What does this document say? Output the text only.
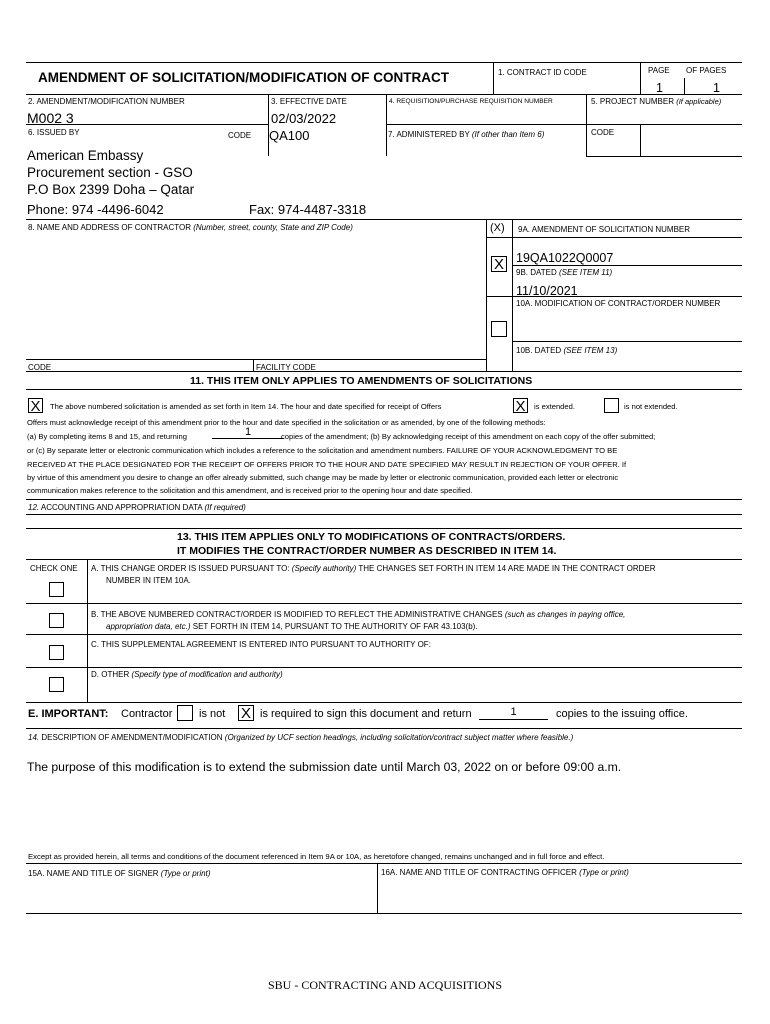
AMENDMENT OF SOLICITATION/MODIFICATION OF CONTRACT	1. CONTRACT ID CODE	PAGE OF PAGES
1	1
2. AMENDMENT/MODIFICATION NUMBER
M002 3
3. EFFECTIVE DATE
02/03/2022
4. REQUISITION/PURCHASE REQUISITION NUMBER	5. PROJECT NUMBER (If applicable)
6. ISSUED BY	CODE QA100	7. ADMINISTERED BY (If other than Item 6)	CODE
American Embassy
Procurement section - GSO
P.O Box 2399 Doha – Qatar
Phone: 974 -4496-6042	Fax: 974-4487-3318
8. NAME AND ADDRESS OF CONTRACTOR (Number, street, county, State and ZIP Code)	(X) 9A. AMENDMENT OF SOLICITATION NUMBER
X 19QA1022Q0007
9B. DATED (SEE ITEM 11)
11/10/2021
10A. MODIFICATION OF CONTRACT/ORDER NUMBER
10B. DATED (SEE ITEM 13)
CODE	FACILITY CODE
11. THIS ITEM ONLY APPLIES TO AMENDMENTS OF SOLICITATIONS
X	The above numbered solicitation is amended as set forth in Item 14. The hour and date specified for receipt of Offers	X	is extended.	is not extended.
Offers must acknowledge receipt of this amendment prior to the hour and date specified in the solicitation or as amended, by one of the following methods:
(a) By completing items 8 and 15, and returning	1	copies of the amendment; (b) By acknowledging receipt of this amendment on each copy of the offer submitted;
or (c) By separate letter or electronic communication which includes a reference to the solicitation and amendment numbers. FAILURE OF YOUR ACKNOWLEDGMENT TO BE
RECEIVED AT THE PLACE DESIGNATED FOR THE RECEIPT OF OFFERS PRIOR TO THE HOUR AND DATE SPECIFIED MAY RESULT IN REJECTION OF YOUR OFFER. If
by virtue of this amendment you desire to change an offer already submitted, such change may be made by letter or electronic communication, provided each letter or electronic
communication makes reference to the solicitation and this amendment, and is received prior to the opening hour and date specified.
12. ACCOUNTING AND APPROPRIATION DATA (If required)
13. THIS ITEM APPLIES ONLY TO MODIFICATIONS OF CONTRACTS/ORDERS.
IT MODIFIES THE CONTRACT/ORDER NUMBER AS DESCRIBED IN ITEM 14.
CHECK ONE A. THIS CHANGE ORDER IS ISSUED PURSUANT TO: (Specify authority) THE CHANGES SET FORTH IN ITEM 14 ARE MADE IN THE CONTRACT ORDER
NUMBER IN ITEM 10A.
B. THE ABOVE NUMBERED CONTRACT/ORDER IS MODIFIED TO REFLECT THE ADMINISTRATIVE CHANGES (such as changes in paying office,
appropriation data, etc.) SET FORTH IN ITEM 14, PURSUANT TO THE AUTHORITY OF FAR 43.103(b).
C. THIS SUPPLEMENTAL AGREEMENT IS ENTERED INTO PURSUANT TO AUTHORITY OF:
D. OTHER (Specify type of modification and authority)
E. IMPORTANT: Contractor is not X is required to sign this document and return	1	copies to the issuing office.
14. DESCRIPTION OF AMENDMENT/MODIFICATION (Organized by UCF section headings, including solicitation/contract subject matter where feasible.)
The purpose of this modification is to extend the submission date until March 03, 2022 on or before 09:00 a.m.
Except as provided herein, all terms and conditions of the document referenced in Item 9A or 10A, as heretofore changed, remains unchanged and in full force and effect.
15A. NAME AND TITLE OF SIGNER (Type or print)	16A. NAME AND TITLE OF CONTRACTING OFFICER (Type or print)
SBU - CONTRACTING AND ACQUISITIONS
